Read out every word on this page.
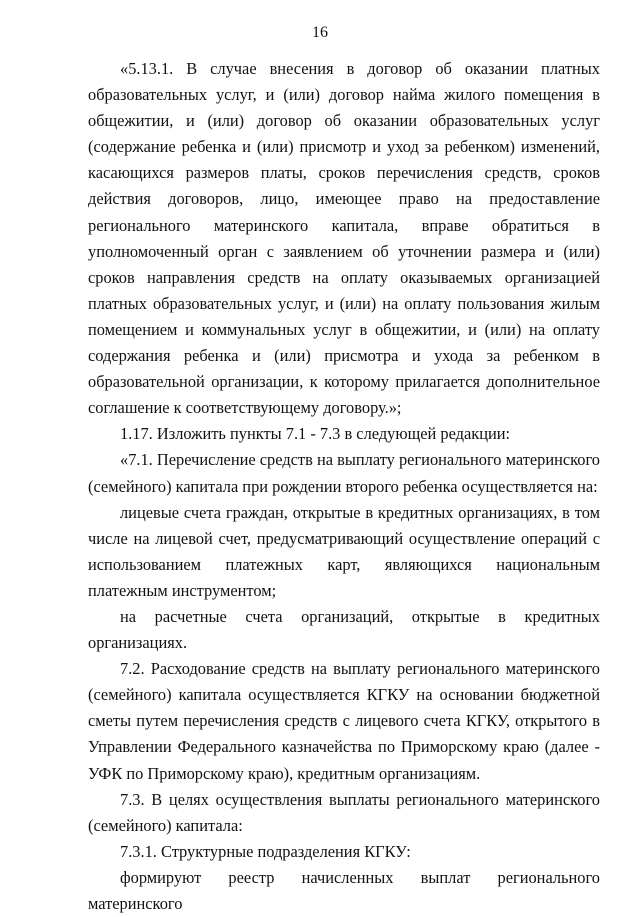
16

«5.13.1. В случае внесения в договор об оказании платных образовательных услуг, и (или) договор найма жилого помещения в общежитии, и (или) договор об оказании образовательных услуг (содержание ребенка и (или) присмотр и уход за ребенком) изменений, касающихся размеров платы, сроков перечисления средств, сроков действия договоров, лицо, имеющее право на предоставление регионального материнского капитала, вправе обратиться в уполномоченный орган с заявлением об уточнении размера и (или) сроков направления средств на оплату оказываемых организацией платных образовательных услуг, и (или) на оплату пользования жилым помещением и коммунальных услуг в общежитии, и (или) на оплату содержания ребенка и (или) присмотра и ухода за ребенком в образовательной организации, к которому прилагается дополнительное соглашение к соответствующему договору.»;

1.17. Изложить пункты 7.1 - 7.3 в следующей редакции:

«7.1. Перечисление средств на выплату регионального материнского (семейного) капитала при рождении второго ребенка осуществляется на:

лицевые счета граждан, открытые в кредитных организациях, в том числе на лицевой счет, предусматривающий осуществление операций с использованием платежных карт, являющихся национальным платежным инструментом;

на расчетные счета организаций, открытые в кредитных организациях.

7.2. Расходование средств на выплату регионального материнского (семейного) капитала осуществляется КГКУ на основании бюджетной сметы путем перечисления средств с лицевого счета КГКУ, открытого в Управлении Федерального казначейства по Приморскому краю (далее - УФК по Приморскому краю), кредитным организациям.

7.3. В целях осуществления выплаты регионального материнского (семейного) капитала:

7.3.1. Структурные подразделения КГКУ:

формируют реестр начисленных выплат регионального материнского
